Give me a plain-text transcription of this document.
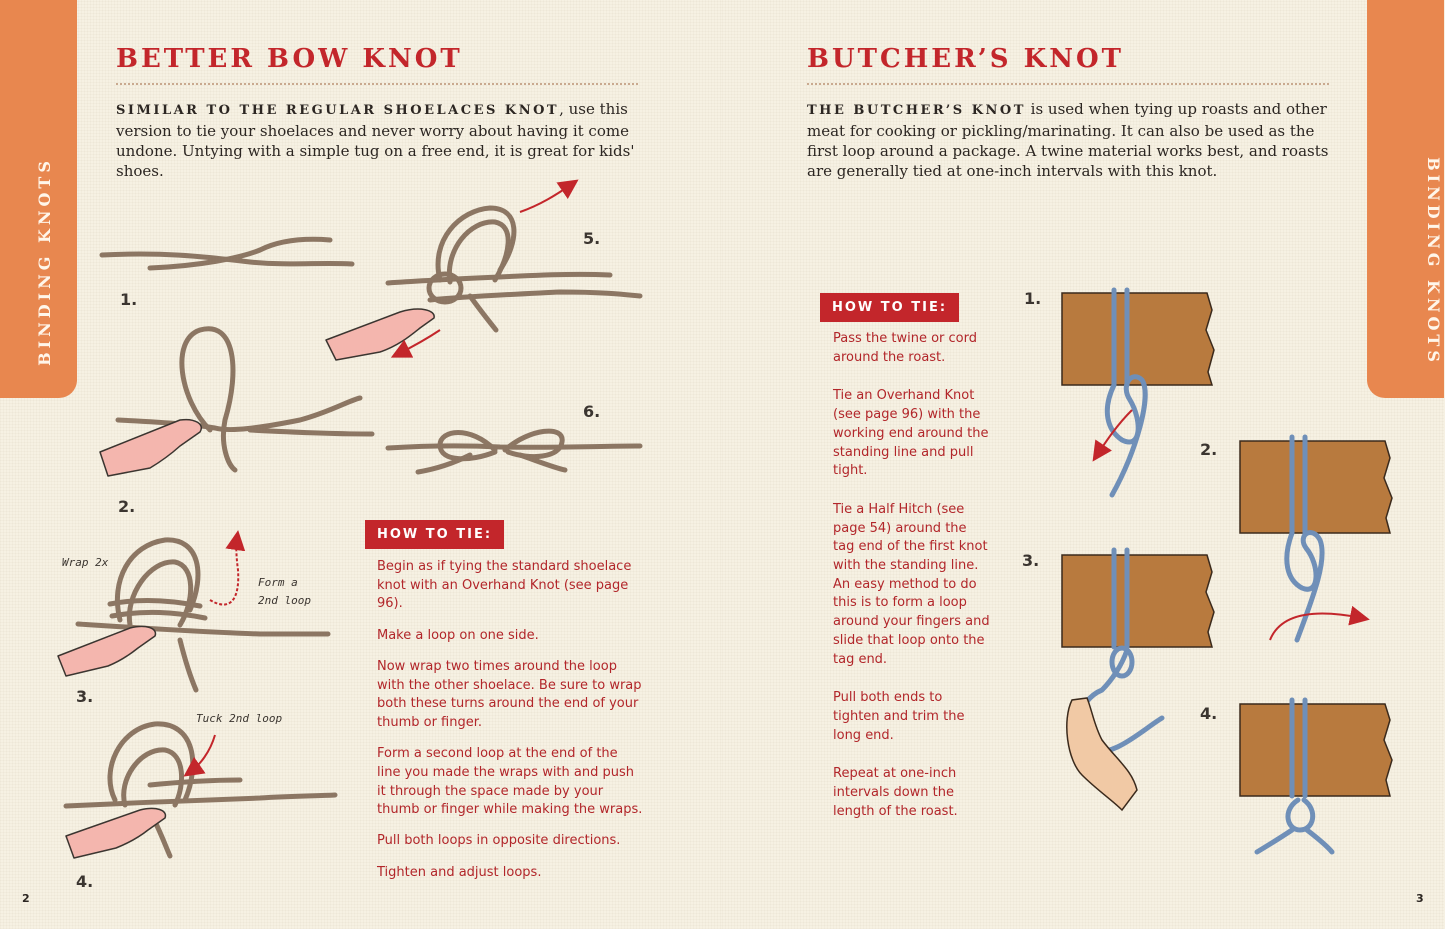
BINDING KNOTS
BETTER BOW KNOT
SIMILAR TO THE REGULAR SHOELACES KNOT, use this version to tie your shoelaces and never worry about having it come undone. Untying with a simple tug on a free end, it is great for kids' shoes.
1.
2.
3.
4.
5.
6.
Wrap 2x
Form a 2nd loop
Tuck 2nd loop
HOW TO TIE:

Begin as if tying the standard shoelace knot with an Overhand Knot (see page 96).

Make a loop on one side.

Now wrap two times around the loop with the other shoelace. Be sure to wrap both these turns around the end of your thumb or finger.

Form a second loop at the end of the line you made the wraps with and push it through the space made by your thumb or finger while making the wraps.

Pull both loops in opposite directions.

Tighten and adjust loops.

2
BINDING KNOTS
BUTCHER’S KNOT
THE BUTCHER’S KNOT is used when tying up roasts and other meat for cooking or pickling/marinating. It can also be used as the first loop around a package. A twine material works best, and roasts are generally tied at one-inch intervals with this knot.
HOW TO TIE:

Pass the twine or cord around the roast.

Tie an Overhand Knot (see page 96) with the working end around the standing line and pull tight.

Tie a Half Hitch (see page 54) around the tag end of the first knot with the standing line. An easy method to do this is to form a loop around your fingers and slide that loop onto the tag end.

Pull both ends to tighten and trim the long end.

Repeat at one-inch intervals down the length of the roast.

1.
2.
3.
4.
3
